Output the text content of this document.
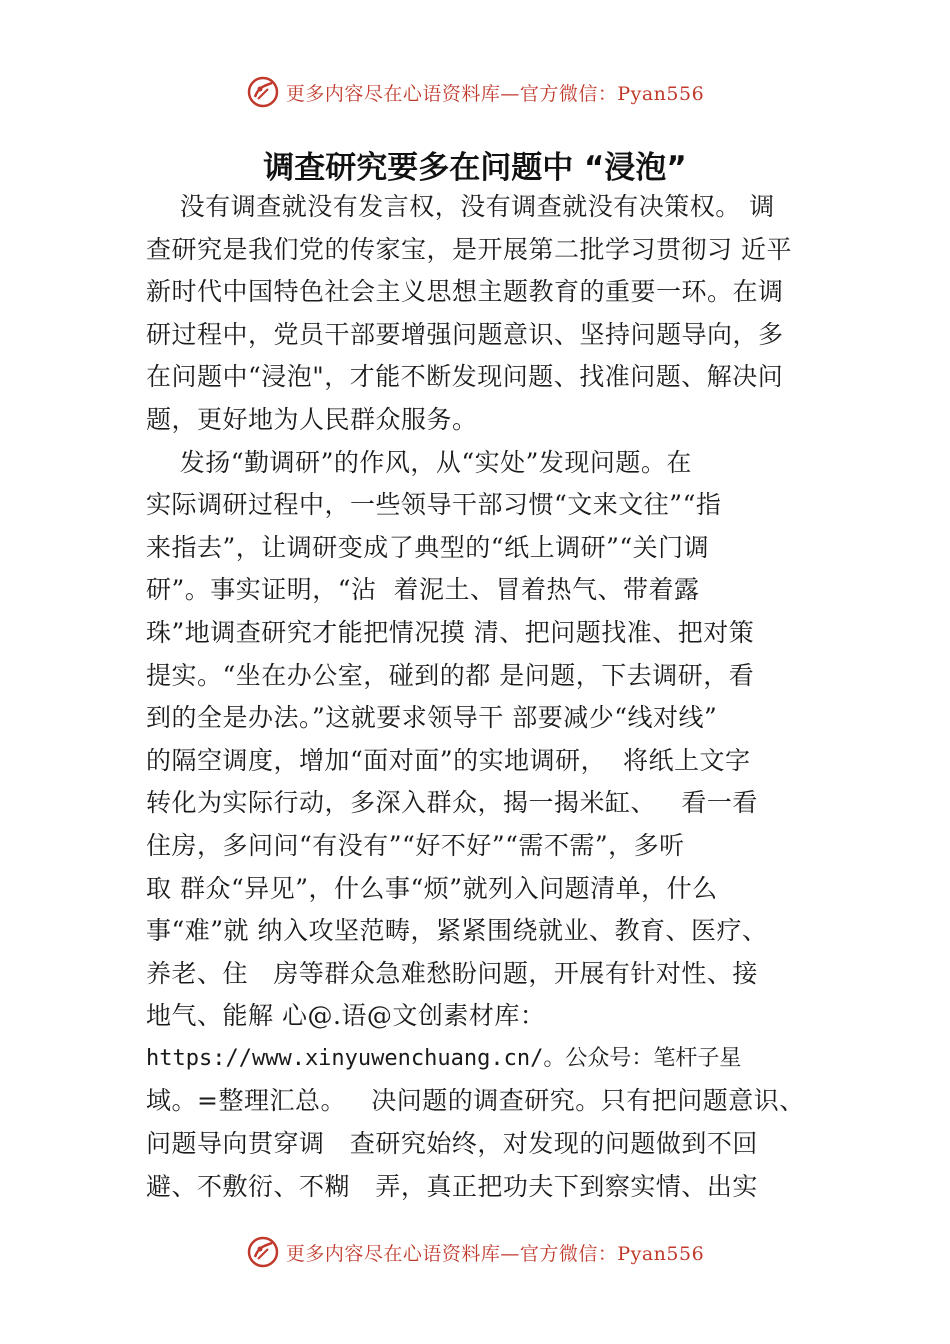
更多内容尽在心语资料库—官方微信：Pyan556
调查研究要多在问题中 “浸泡”
没有调查就没有发言权，没有调查就没有决策权。 调
查研究是我们党的传家宝，是开展第二批学习贯彻习 近平
新时代中国特色社会主义思想主题教育的重要一环。在调
研过程中，党员干部要增强问题意识、坚持问题导向，多
在问题中“浸泡"，才能不断发现问题、找准问题、解决问
题，更好地为人民群众服务。
发扬“勤调研”的作风，从“实处”发现问题。在
实际调研过程中，一些领导干部习惯“文来文往”“指
来指去”，让调研变成了典型的“纸上调研”“关门调
研”。事实证明，“沾  着泥土、冒着热气、带着露
珠”地调查研究才能把情况摸 清、把问题找准、把对策
提实。“坐在办公室，碰到的都 是问题，下去调研，看
到的全是办法。”这就要求领导干 部要减少“线对线”
的隔空调度，增加“面对面”的实地调研，  将纸上文字
转化为实际行动，多深入群众，揭一揭米缸、   看一看
住房，多问问“有没有”“好不好”“需不需”，多听
取 群众“异见”，什么事“烦”就列入问题清单，什么
事“难”就 纳入攻坚范畴，紧紧围绕就业、教育、医疗、
养老、住   房等群众急难愁盼问题，开展有针对性、接
地气、能解 心@.语@文创素材库：
https://www.xinyuwenchuang.cn/。公众号：笔杆子星
域。=整理汇总。   决问题的调查研究。只有把问题意识、
问题导向贯穿调   查研究始终，对发现的问题做到不回
避、不敷衍、不糊   弄，真正把功夫下到察实情、出实
更多内容尽在心语资料库—官方微信：Pyan556
